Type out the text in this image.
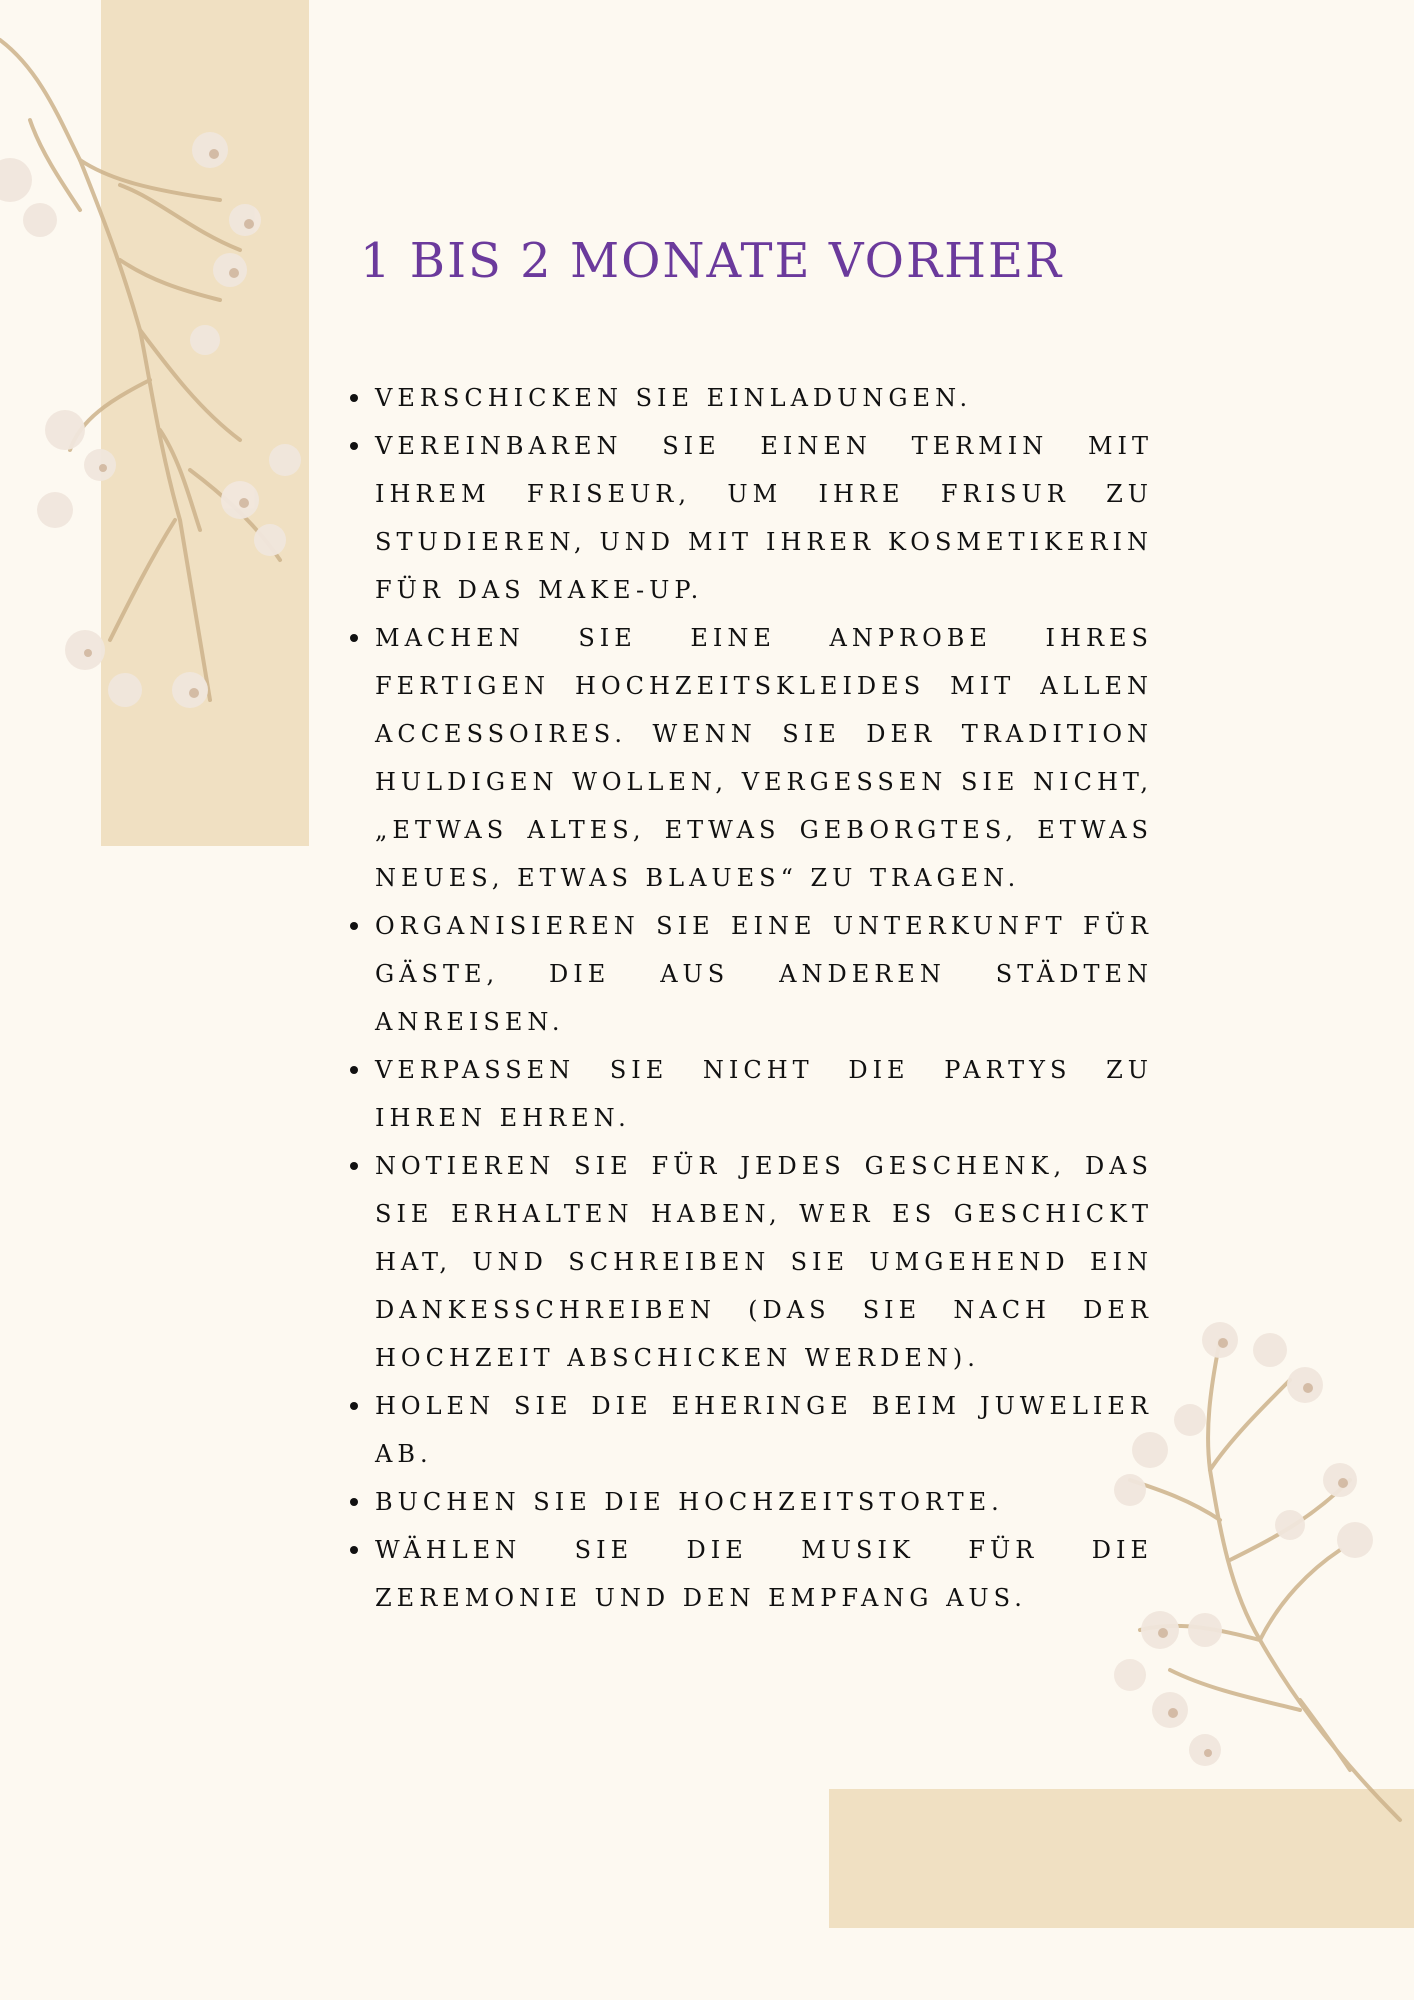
1 BIS 2 MONATE VORHER
VERSCHICKEN SIE EINLADUNGEN.
VEREINBAREN SIE EINEN TERMIN MIT IHREM FRISEUR, UM IHRE FRISUR ZU STUDIEREN, UND MIT IHRER KOSMETIKERIN FÜR DAS MAKE-UP.
MACHEN SIE EINE ANPROBE IHRES FERTIGEN HOCHZEITSKLEIDES MIT ALLEN ACCESSOIRES. WENN SIE DER TRADITION HULDIGEN WOLLEN, VERGESSEN SIE NICHT, „ETWAS ALTES, ETWAS GEBORGTES, ETWAS NEUES, ETWAS BLAUES“ ZU TRAGEN.
ORGANISIEREN SIE EINE UNTERKUNFT FÜR GÄSTE, DIE AUS ANDEREN STÄDTEN ANREISEN.
VERPASSEN SIE NICHT DIE PARTYS ZU IHREN EHREN.
NOTIEREN SIE FÜR JEDES GESCHENK, DAS SIE ERHALTEN HABEN, WER ES GESCHICKT HAT, UND SCHREIBEN SIE UMGEHEND EIN DANKESSCHREIBEN (DAS SIE NACH DER HOCHZEIT ABSCHICKEN WERDEN).
HOLEN SIE DIE EHERINGE BEIM JUWELIER AB.
BUCHEN SIE DIE HOCHZEITSTORTE.
WÄHLEN SIE DIE MUSIK FÜR DIE ZEREMONIE UND DEN EMPFANG AUS.
